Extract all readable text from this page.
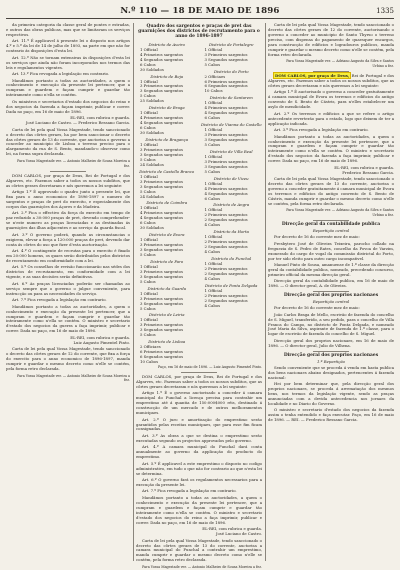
N.º 110 — 18 DE MAIO DE 1896	1335

da primeira categoria da classe geral de pontes e estradas, e outros das obras publicas, mas que se limitavam os serviços respectivos.

Art. 11.º É applicavel á presente lei o disposto nos artigos 4.º e 5.º da lei de 14 de julho de 1893, na parte em que não for contrario ás disposições d'esta lei.

Art. 12.º Não se tornam extensivas ás disposições d'esta lei os serviços que ainda não foram incorporados nos termos das leis e regulamentos vigentes.

Art. 13.º Fica revogada a legislação em contrario.

Mandâmos portanto a todas as auctoridades, a quem o conhecimento e execução da presente lei pertencer, que a cumpram e guardem e façam cumprir e guardar tão inteiramente como n'ella se contém.

Os ministros e secretarios d'estado dos negocios do reino e dos negocios da fazenda a façam imprimir, publicar e correr. Dada no paço, em 16 de maio de 1896.

EL-REI, com rubrica e guarda.
José Luciano de Castro. — Frederico Ressano Garcia.

Carta de lei pela qual Vossa Magestade, tendo sanccionado o decreto das côrtes geraes, ha por bem sanccionar o decreto das côrtes geraes de 13 do corrente, que auctorisa o governo a conceder ao municipio de Lisboa o terreno preciso para o alargamento da rua de S. Bento, mandando-o observar como lei, na forma supra declarada.

Para Vossa Magestade ver. — Antonio Malheiro de Sousa Moreira a fez.

DOM CARLOS, por graça de Deus, Rei de Portugal e dos Algarves, etc. Fazemos saber a todos os nossos subditos, que as côrtes geraes decretaram e nós queremos a lei seguinte:

Artigo 1.º É approvado o quadro junto a presente lei, que fixa para o anno economico de 1896-1897 o numero de sargentos e praças de pret do exercito, e especialmente dos corpos das guarnições dos Açores e da Madeira.

Art. 2.º Fica o effectivo da força do exercito em tempo de paz reduzido a 30:000 praças de pret, devendo comprehender-se n'este numero as praças licenciadas e as destinadas ás guarnições das ilhas adjacentes e ao serviço da guarda fiscal.

Art. 3.º O governo poderá, quando as circumstancias o exigirem, elevar a força a 120:000 praças de pret, devendo dar conta ás côrtes do uso que fizer d'esta auctorisação.

Art. 4.º O contingente de recrutas para o exercito é fixado em 20:000 homens, os quaes serão distribuidos pelos districtos de recrutamento em conformidade com a lei.

Art. 5.º Os conselhos de revisão funccionarão nas sédes dos districtos de recrutamento, em conformidade com a lei vigente, e as suas decisões serão definitivas.

Art. 6.º As praças licenciadas poderão ser chamadas ao serviço sempre que o governo o julgue conveniente, para instrucção ou para as necessidades do serviço.

Art. 7.º Fica revogada a legislação em contrario.

Mandâmos portanto a todas as auctoridades, a quem o conhecimento e execução da presente lei pertencer, que a cumpram e guardem e façam cumprir e guardar tão inteiramente como n'ella se contém. O ministro e secretario d'estado dos negocios da guerra a faça imprimir, publicar e correr. Dada no paço, em 16 de maio de 1896.

EL-REI, com rubrica e guarda.
Luiz Augusto Pimentel Pinto.

Carta de lei pela qual Vossa Magestade, tendo sanccionado o decreto das côrtes geraes de 12 do corrente, que fixa a força do exercito para o anno economico de 1896-1897, manda cumprir e guardar o mesmo decreto como n'elle se contém, pela forma retro declarada.

Para Vossa Magestade ver. — Antonio Malheiro de Sousa Moreira a fez.

Quadro dos sargentos e praças de pret das guarnições dos districtos de recrutamento para o anno de 1896-1897

Districto de Aveiro

1 Official

4 Primeiros sargentos

4 Segundos sargentos

6 Cabos

30 Soldados

Districto de Beja

1 Official

3 Primeiros sargentos

3 Segundos sargentos

5 Cabos

25 Soldados

Districto de Braga

1 Official

4 Primeiros sargentos

4 Segundos sargentos

6 Cabos

30 Soldados

Districto de Bragança

1 Official

3 Primeiros sargentos

3 Segundos sargentos

5 Cabos

24 Soldados

Districto de Castello Branco

1 Official

3 Primeiros sargentos

3 Segundos sargentos

5 Cabos

24 Soldados

Districto de Coimbra

1 Official

4 Primeiros sargentos

4 Segundos sargentos

6 Cabos

30 Soldados

Districto de Evora

1 Official

3 Primeiros sargentos

3 Segundos sargentos

5 Cabos

Districto de Faro

1 Official

3 Primeiros sargentos

3 Segundos sargentos

5 Cabos

Districto da Guarda

1 Official

3 Primeiros sargentos

3 Segundos sargentos

5 Cabos

Districto de Leiria

1 Official

3 Primeiros sargentos

3 Segundos sargentos

5 Cabos

Districto de Lisboa

2 Officiaes

6 Primeiros sargentos

6 Segundos sargentos

10 Cabos

Districto de Portalegre

1 Official

3 Primeiros sargentos

3 Segundos sargentos

5 Cabos

Districto do Porto

2 Officiaes

6 Primeiros sargentos

6 Segundos sargentos

10 Cabos

Districto de Santarem

1 Official

4 Primeiros sargentos

4 Segundos sargentos

6 Cabos

Districto de Vianna do Castello

1 Official

3 Primeiros sargentos

3 Segundos sargentos

5 Cabos

Districto de Villa Real

1 Official

3 Primeiros sargentos

3 Segundos sargentos

5 Cabos

Districto de Vizeu

1 Official

4 Primeiros sargentos

4 Segundos sargentos

6 Cabos

Districto de Angra

1 Official

2 Primeiros sargentos

2 Segundos sargentos

4 Cabos

Districto da Horta

1 Official

2 Primeiros sargentos

2 Segundos sargentos

4 Cabos

Districto do Funchal

1 Official

2 Primeiros sargentos

2 Segundos sargentos

4 Cabos

Districto de Ponta Delgada

1 Official

2 Primeiros sargentos

2 Segundos sargentos

4 Cabos

Paço, em 16 de maio de 1896. — Luiz Augusto Pimentel Pinto.

DOM CARLOS, por graça de Deus, Rei de Portugal e dos Algarves, etc. Fazemos saber a todos os nossos subditos, que as côrtes geraes decretaram e nós queremos a lei seguinte:

Artigo 1.º É o governo auctorisado a conceder á camara municipal do Funchal a licença precisa para contrahir um emprestimo até á quantia de 150:000$000 réis, destinado á construcção de um mercado e de outros melhoramentos municipaes.

Art. 2.º O juro e amortisação do emprestimo serão garantidos pelas receitas municipaes, que para esse fim ficam consignadas.

Art. 3.º As obras a que se destina o emprestimo serão executadas segundo os projectos approvados pelo governo.

Art. 4.º A camara municipal do Funchal dará conta annualmente ao governo da applicação do producto do emprestimo.

Art. 5.º É applicavel a este emprestimo o disposto no codigo administrativo, em tudo o que não for contrario ao que n'esta lei se determina.

Art. 6.º O governo fará os regulamentos necessarios para a execução da presente lei.

Art. 7.º Fica revogada a legislação em contrario.

Mandâmos portanto a todas as auctoridades, a quem o conhecimento e execução da presente lei pertencer, que a cumpram e guardem e façam cumprir e guardar tão inteiramente como n'ella se contém. O ministro e secretario d'estado dos negocios do reino a faça imprimir, publicar e correr. Dada no paço, em 16 de maio de 1896.

EL-REI, com rubrica e guarda.
José Luciano de Castro.

Carta de lei pela qual Vossa Magestade, tendo sanccionado o decreto das côrtes geraes de 13 do corrente, auctorisa a camara municipal do Funchal a contrahir um emprestimo, manda cumprir e guardar o mesmo decreto como n'elle se contém, pela forma retro declarada.

Para Vossa Magestade ver. — Antonio Malheiro de Sousa Moreira a fez.

Carta de lei pela qual Vossa Magestade, tendo sanccionado o decreto das côrtes geraes de 12 do corrente, auctorisando o governo a conceder ao municipio de Santo Thyrso o terreno preciso, com dispensa do pagamento de quaesquer encargos, para construcção de edificios e logradouros publicos, manda cumprir e guardar o mesmo decreto como n'elle se contém, pela forma retro declarada.

Para Vossa Magestade ver. — Adriano Augusto da Silva e Santos Urbino a fez.

DOM CARLOS, por graça de Deus, Rei de Portugal e dos Algarves, etc. Fazemos saber a todos os nossos subditos, que as côrtes geraes decretaram e nós queremos a lei seguinte:

Artigo 1.º É auctorisado o governo a conceder gratuitamente á camara municipal de Evora os terrenos e edificios do antigo convento de S. Bento de Cástris, para n'elles estabelecer um asylo de mendicidade.

Art. 2.º Os terrenos e edificios a que se refere o artigo antecedente reverterão para o estado, logo que deixem de ter a applicação indicada.

Art. 3.º Fica revogada a legislação em contrario.

Mandâmos portanto a todas as auctoridades, a quem o conhecimento e execução da presente lei pertencer, que a cumpram e guardem e façam cumprir e guardar tão inteiramente como n'ella se contém. O ministro e secretario d'estado dos negocios da fazenda a faça imprimir, publicar e correr. Dada no paço, em 16 de maio de 1896.

EL-REI, com rubrica e guarda.
Frederico Ressano Garcia.

Carta de lei pela qual Vossa Magestade, tendo sanccionado o decreto das côrtes geraes de 13 do corrente, auctorisa o governo a conceder gratuitamente á camara municipal de Evora os terrenos e edificios do antigo convento de S. Bento de Cástris, manda cumprir e guardar o mesmo decreto como n'elle se contém, pela forma retro declarada.

Para Vossa Magestade ver. — Adriano Augusto da Silva e Santos Urbino a fez.

Direcção geral da contabilidade publica

Repartição central

Por decreto de 16 do corrente mez de maio:

Presbytero José de Oliveira Teixeira, parocho collado na freguezia de S. Pedro de Rates, concelho da Povoa de Varzim, exonerado do cargo de vogal da commissão districtal do Porto, por ter sido eleito para outro cargo incompativel.

Manuel Pinto de Sousa, amanuense de 1.ª classe da direcção geral da contabilidade publica, nomeado, precedendo concurso, primeiro official da mesma direcção geral.

Direcção geral da contabilidade publica, em 16 de maio de 1896. — O director geral, A. de Oliveira.

Direcção geral dos proprios nacionaes

Repartição central

Por decreto de 16 do corrente mez de maio:

João Carlos Braga de Mello, escrivão de fazenda do concelho de S. Miguel, transferido, a seu pedido, para o concelho de Villa Franca do Campo, no districto de Ponta Delgada, e nomeado José Maria da Silva, aspirante de fazenda de 1.ª classe, para o logar de escrivão de fazenda do concelho de S. Miguel.

Direcção geral dos proprios nacionaes, em 16 de maio de 1896. — O director geral, Julio de Vilhena.

Direcção geral dos proprios nacionaes

1.ª Repartição

Sendo conveniente que se proceda á venda em hasta publica dos bens nacionaes abaixo designados, pertencentes á fazenda nacional:

Hei por bem determinar que, pela direcção geral dos proprios nacionaes, se proceda á arrematação dos mesmos bens, nos termos da legislação vigente, sendo as praças annunciadas com a devida antecedencia nos jornaes da localidade e no Diario do Governo.

O ministro e secretario d'estado dos negocios da fazenda assim o tenha entendido e faça executar. Paço, em 16 de maio de 1896. — REI. — Frederico Ressano Garcia.
